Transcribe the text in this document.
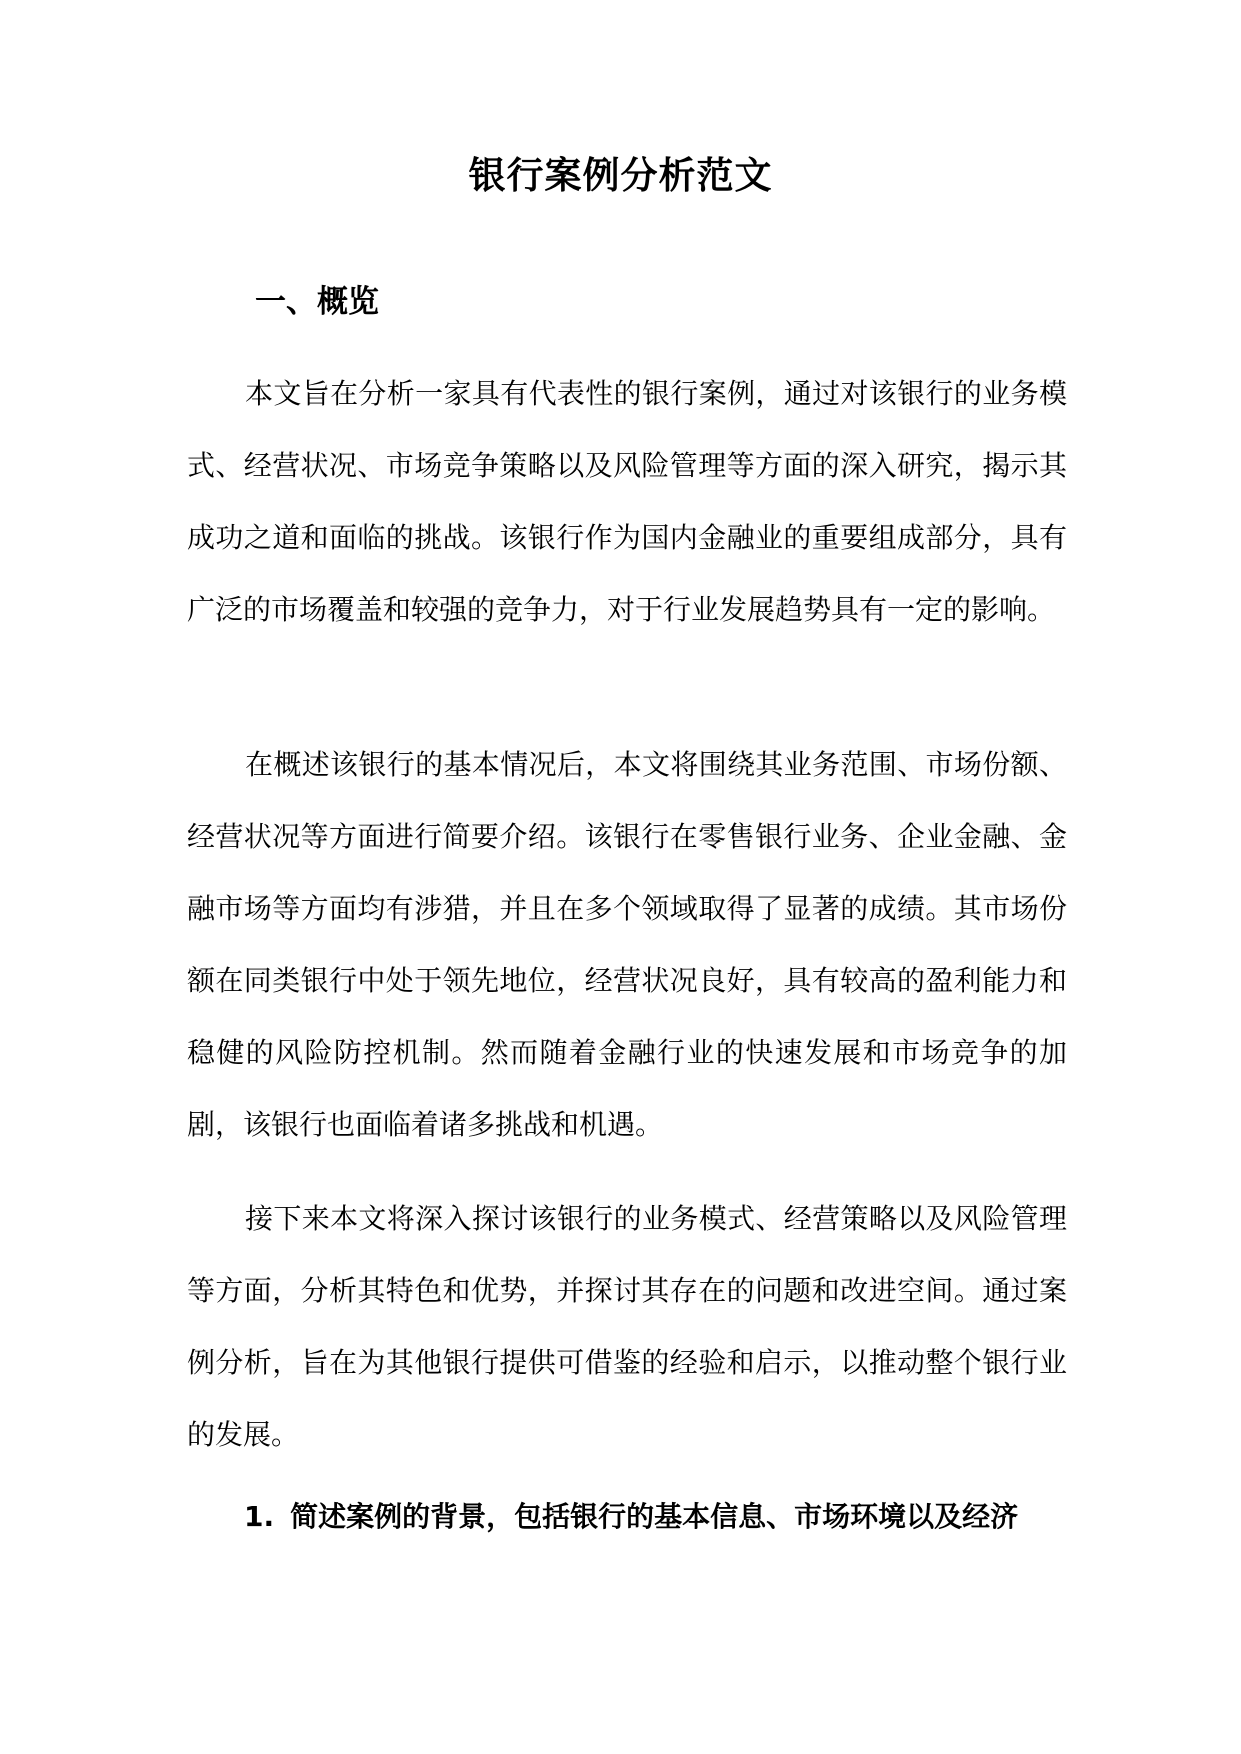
银行案例分析范文
一、概览

本文旨在分析一家具有代表性的银行案例，通过对该银行的业务模式、经营状况、市场竞争策略以及风险管理等方面的深入研究，揭示其成功之道和面临的挑战。该银行作为国内金融业的重要组成部分，具有广泛的市场覆盖和较强的竞争力，对于行业发展趋势具有一定的影响。

在概述该银行的基本情况后，本文将围绕其业务范围、市场份额、经营状况等方面进行简要介绍。该银行在零售银行业务、企业金融、金融市场等方面均有涉猎，并且在多个领域取得了显著的成绩。其市场份额在同类银行中处于领先地位，经营状况良好，具有较高的盈利能力和稳健的风险防控机制。然而随着金融行业的快速发展和市场竞争的加剧，该银行也面临着诸多挑战和机遇。

接下来本文将深入探讨该银行的业务模式、经营策略以及风险管理等方面，分析其特色和优势，并探讨其存在的问题和改进空间。通过案例分析，旨在为其他银行提供可借鉴的经验和启示，以推动整个银行业的发展。

1. 简述案例的背景，包括银行的基本信息、市场环境以及经济
